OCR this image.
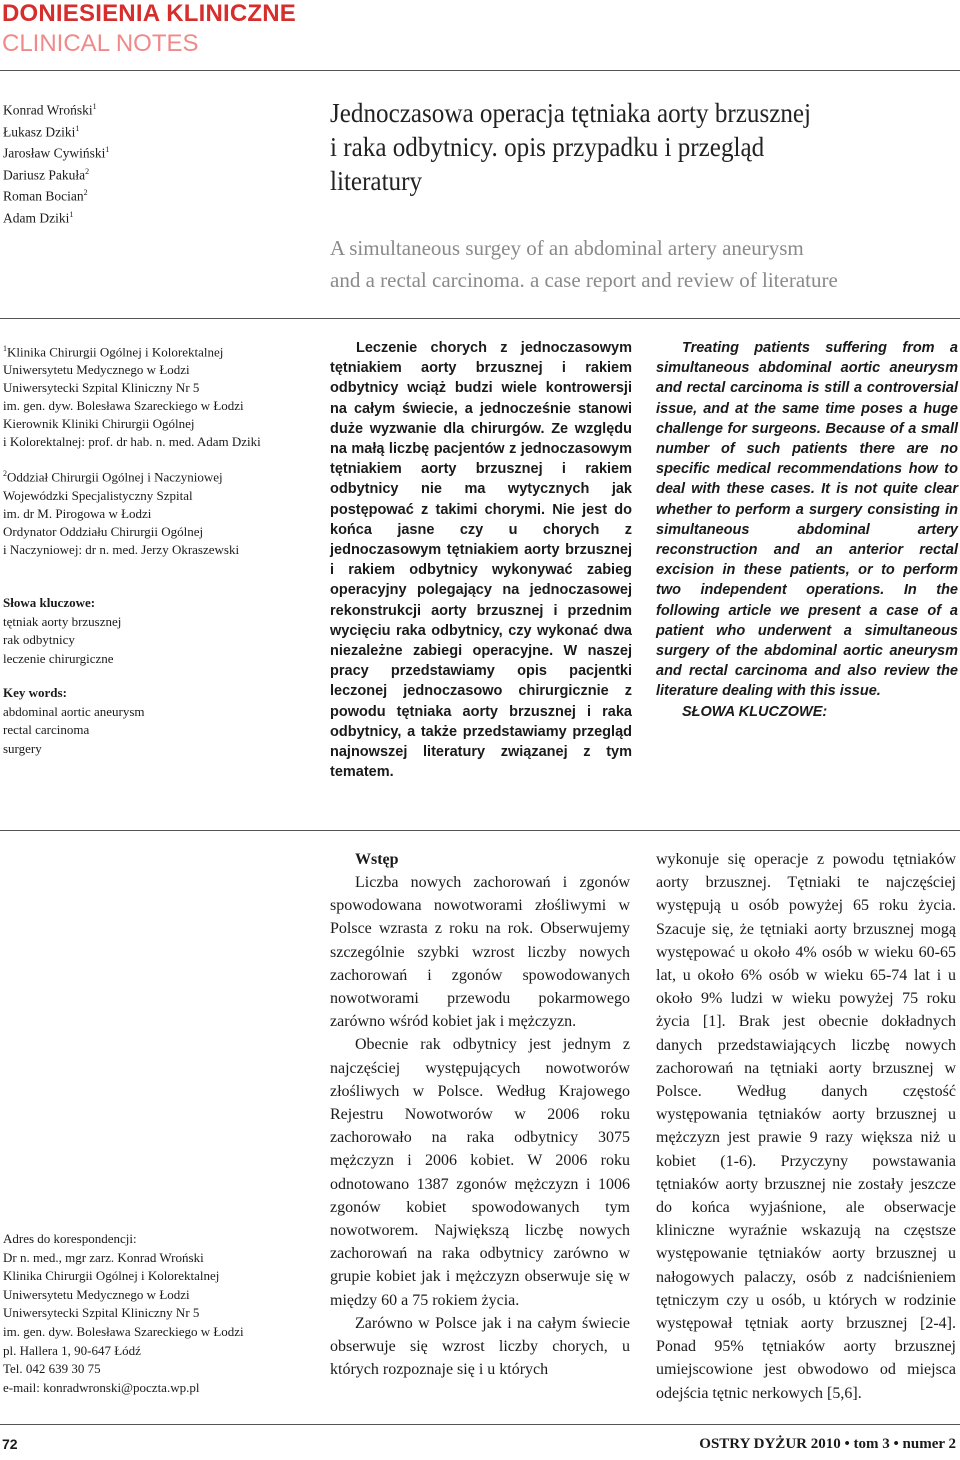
DONIESIENIA KLINICZNE
CLINICAL NOTES
Konrad Wroński$^1$
Łukasz Dziki$^1$
Jarosław Cywiński$^1$
Dariusz Pakuła$^2$
Roman Bocian$^2$
Adam Dziki$^1$
Jednoczasowa operacja tętniaka aorty brzusznej
i raka odbytnicy. opis przypadku i przegląd
literatury
A simultaneous surgey of an abdominal artery aneurysm
and a rectal carcinoma. a case report and review of literature

$^1$Klinika Chirurgii Ogólnej i Kolorektalnej
Uniwersytetu Medycznego w Łodzi
Uniwersytecki Szpital Kliniczny Nr 5
im. gen. dyw. Bolesława Szareckiego w Łodzi
Kierownik Kliniki Chirurgii Ogólnej
i Kolorektalnej: prof. dr hab. n. med. Adam Dziki

$^2$Oddział Chirurgii Ogólnej i Naczyniowej
Wojewódzki Specjalistyczny Szpital
im. dr M. Pirogowa w Łodzi
Ordynator Oddziału Chirurgii Ogólnej
i Naczyniowej: dr n. med. Jerzy Okraszewski

Słowa kluczowe:
tętniak aorty brzusznej
rak odbytnicy
leczenie chirurgiczne

Key words:
abdominal aortic aneurysm
rectal carcinoma
surgery

Leczenie chorych z jednoczasowym tętniakiem aorty brzusznej i rakiem odbytnicy wciąż budzi wiele kontrowersji na całym świecie, a jednocześnie stanowi duże wyzwanie dla chirurgów. Ze względu na małą liczbę pacjentów z jednoczasowym tętniakiem aorty brzusznej i rakiem odbytnicy nie ma wytycznych jak postępować z takimi chorymi. Nie jest do końca jasne czy u chorych z jednoczasowym tętniakiem aorty brzusznej i rakiem odbytnicy wykonywać zabieg operacyjny polegający na jednoczasowej rekonstrukcji aorty brzusznej i przednim wycięciu raka odbytnicy, czy wykonać dwa niezależne zabiegi operacyjne. W naszej pracy przedstawiamy opis pacjentki leczonej jednoczasowo chirurgicznie z powodu tętniaka aorty brzusznej i raka odbytnicy, a także przedstawiamy przegląd najnowszej literatury związanej z tym tematem.
Treating patients suffering from a simultaneous abdominal aortic aneurysm and rectal carcinoma is still a controversial issue, and at the same time poses a huge challenge for surgeons. Because of a small number of such patients there are no specific medical recommendations how to deal with these cases. It is not quite clear whether to perform a surgery consisting in simultaneous abdominal artery reconstruction and an anterior rectal excision in these patients, or to perform two independent operations. In the following article we present a case of a patient who underwent a simultaneous surgery of the abdominal aortic aneurysm and rectal carcinoma and also review the literature dealing with this issue.
SŁOWA KLUCZOWE:
Adres do korespondencji:
Dr n. med., mgr zarz. Konrad Wroński
Klinika Chirurgii Ogólnej i Kolorektalnej
Uniwersytetu Medycznego w Łodzi
Uniwersytecki Szpital Kliniczny Nr 5
im. gen. dyw. Bolesława Szareckiego w Łodzi
pl. Hallera 1, 90-647 Łódź
Tel. 042 639 30 75
e-mail: konradwronski@poczta.wp.pl
Wstęp

Liczba nowych zachorowań i zgonów spowodowana nowotworami złośliwymi w Polsce wzrasta z roku na rok. Obserwujemy szczególnie szybki wzrost liczby nowych zachorowań i zgonów spowodowanych nowotworami przewodu pokarmowego zarówno wśród kobiet jak i mężczyzn.

Obecnie rak odbytnicy jest jednym z najczęściej występujących nowotworów złośliwych w Polsce. Według Krajowego Rejestru Nowotworów w 2006 roku zachorowało na raka odbytnicy 3075 mężczyzn i 2006 kobiet. W 2006 roku odnotowano 1387 zgonów mężczyzn i 1006 zgonów kobiet spowodowanych tym nowotworem. Największą liczbę nowych zachorowań na raka odbytnicy zarówno w grupie kobiet jak i mężczyzn obserwuje się w między 60 a 75 rokiem życia.

Zarówno w Polsce jak i na całym świecie obserwuje się wzrost liczby chorych, u których rozpoznaje się i u których

wykonuje się operacje z powodu tętniaków aorty brzusznej. Tętniaki te najczęściej występują u osób powyżej 65 roku życia. Szacuje się, że tętniaki aorty brzusznej mogą występować u około 4% osób w wieku 60-65 lat, u około 6% osób w wieku 65-74 lat i u około 9% ludzi w wieku powyżej 75 roku życia [1]. Brak jest obecnie dokładnych danych przedstawiających liczbę nowych zachorowań na tętniaki aorty brzusznej w Polsce. Według danych częstość występowania tętniaków aorty brzusznej u mężczyzn jest prawie 9 razy większa niż u kobiet (1-6). Przyczyny powstawania tętniaków aorty brzusznej nie zostały jeszcze do końca wyjaśnione, ale obserwacje kliniczne wyraźnie wskazują na częstsze występowanie tętniaków aorty brzusznej u nałogowych palaczy, osób z nadciśnieniem tętniczym czy u osób, u których w rodzinie występował tętniak aorty brzusznej [2-4]. Ponad 95% tętniaków aorty brzusznej umiejscowione jest obwodowo od miejsca odejścia tętnic nerkowych [5,6].

72	OSTRY DYŻUR 2010 • tom 3 • numer 2
